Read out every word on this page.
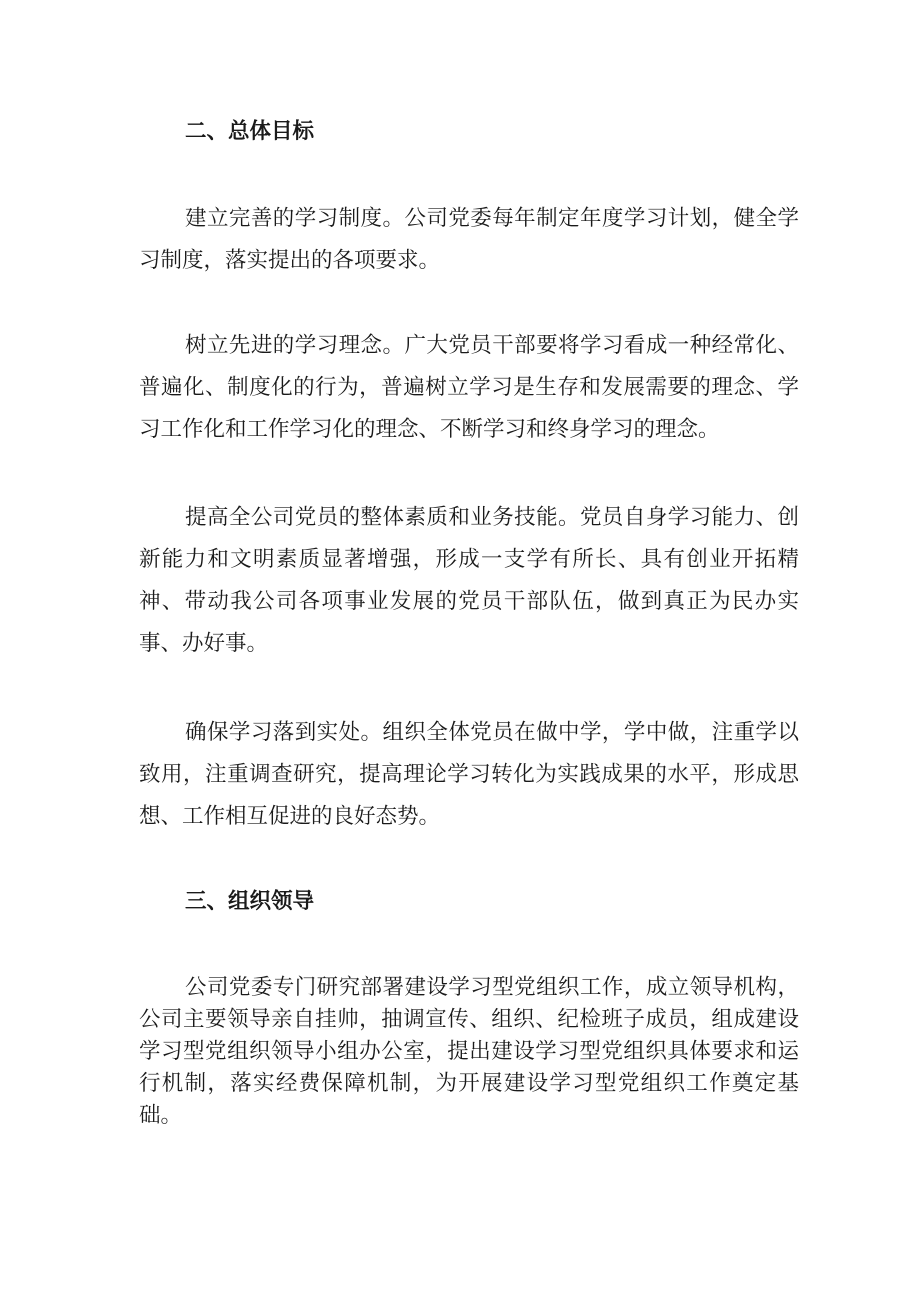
二、总体目标

建立完善的学习制度。公司党委每年制定年度学习计划，健全学习制度，落实提出的各项要求。

树立先进的学习理念。广大党员干部要将学习看成一种经常化、普遍化、制度化的行为，普遍树立学习是生存和发展需要的理念、学习工作化和工作学习化的理念、不断学习和终身学习的理念。

提高全公司党员的整体素质和业务技能。党员自身学习能力、创新能力和文明素质显著增强，形成一支学有所长、具有创业开拓精神、带动我公司各项事业发展的党员干部队伍，做到真正为民办实事、办好事。

确保学习落到实处。组织全体党员在做中学，学中做，注重学以致用，注重调查研究，提高理论学习转化为实践成果的水平，形成思想、工作相互促进的良好态势。

三、组织领导

公司党委专门研究部署建设学习型党组织工作，成立领导机构，公司主要领导亲自挂帅，抽调宣传、组织、纪检班子成员，组成建设学习型党组织领导小组办公室，提出建设学习型党组织具体要求和运行机制，落实经费保障机制，为开展建设学习型党组织工作奠定基础。
